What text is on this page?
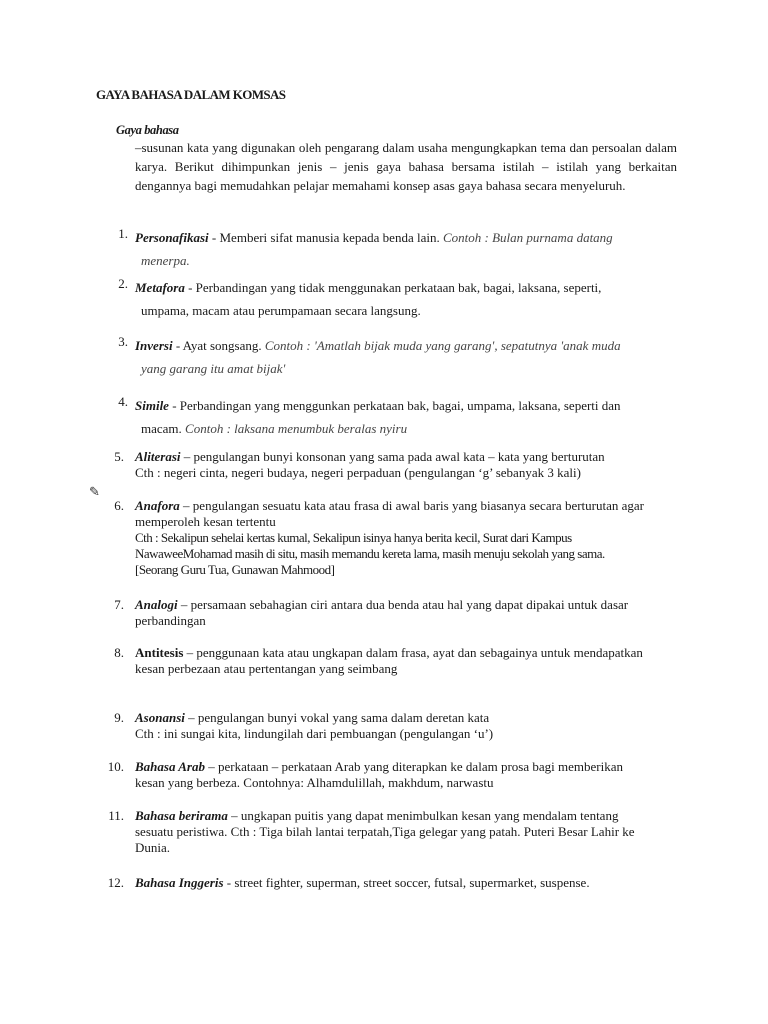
GAYA BAHASA DALAM KOMSAS
Gaya bahasa
–susunan kata yang digunakan oleh pengarang dalam usaha mengungkapkan tema dan persoalan dalam karya. Berikut dihimpunkan jenis – jenis gaya bahasa bersama istilah – istilah yang berkaitan dengannya bagi memudahkan pelajar memahami konsep asas gaya bahasa secara menyeluruh.
1. Personafikasi - Memberi sifat manusia kepada benda lain. Contoh : Bulan purnama datang
menerpa.
2. Metafora - Perbandingan yang tidak menggunakan perkataan bak, bagai, laksana, seperti,
umpama, macam atau perumpamaan secara langsung.
3. Inversi - Ayat songsang. Contoh : 'Amatlah bijak muda yang garang', sepatutnya 'anak muda
yang garang itu amat bijak'
4. Simile - Perbandingan yang menggunkan perkataan bak, bagai, umpama, laksana, seperti dan
macam. Contoh : laksana menumbuk beralas nyiru
5. Aliterasi – pengulangan bunyi konsonan yang sama pada awal kata – kata yang berturutan
Cth : negeri cinta, negeri budaya, negeri perpaduan (pengulangan ‘g’ sebanyak 3 kali)
✎
6. Anafora – pengulangan sesuatu kata atau frasa di awal baris yang biasanya secara berturutan agar
memperoleh kesan tertentu
Cth : Sekalipun sehelai kertas kumal, Sekalipun isinya hanya berita kecil, Surat dari Kampus
NawaweeMohamad masih di situ, masih memandu kereta lama, masih menuju sekolah yang sama.
[Seorang Guru Tua, Gunawan Mahmood]
7. Analogi – persamaan sebahagian ciri antara dua benda atau hal yang dapat dipakai untuk dasar
perbandingan
8. Antitesis – penggunaan kata atau ungkapan dalam frasa, ayat dan sebagainya untuk mendapatkan
kesan perbezaan atau pertentangan yang seimbang
9. Asonansi – pengulangan bunyi vokal yang sama dalam deretan kata
Cth : ini sungai kita, lindungilah dari pembuangan (pengulangan ‘u’)
10. Bahasa Arab – perkataan – perkataan Arab yang diterapkan ke dalam prosa bagi memberikan
kesan yang berbeza. Contohnya: Alhamdulillah, makhdum, narwastu
11. Bahasa berirama – ungkapan puitis yang dapat menimbulkan kesan yang mendalam tentang
sesuatu peristiwa. Cth : Tiga bilah lantai terpatah,Tiga gelegar yang patah. Puteri Besar Lahir ke
Dunia.
12. Bahasa Inggeris - street fighter, superman, street soccer, futsal, supermarket, suspense.
